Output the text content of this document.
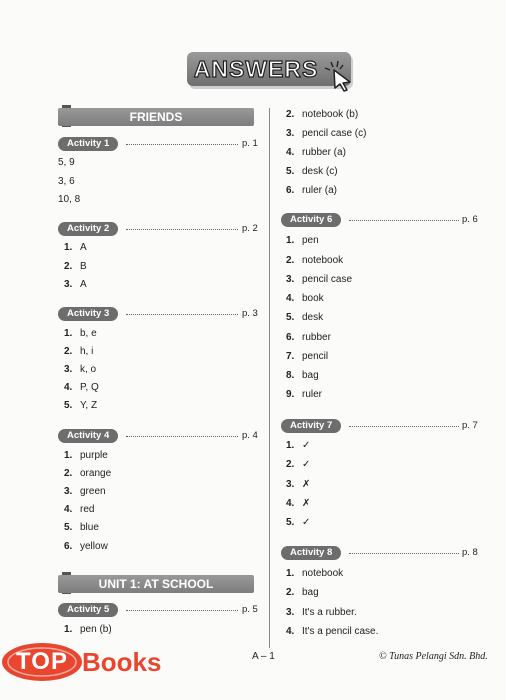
ANSWERS
FRIENDS
Activity 1	p. 1
5, 9
3, 6
10, 8
Activity 2	p. 2
1. A
2. B
3. A
Activity 3	p. 3
1. b, e
2. h, i
3. k, o
4. P, Q
5. Y, Z
Activity 4	p. 4
1. purple
2. orange
3. green
4. red
5. blue
6. yellow
UNIT 1: AT SCHOOL
Activity 5	p. 5
1. pen (b)
2. notebook (b)
3. pencil case (c)
4. rubber (a)
5. desk (c)
6. ruler (a)
Activity 6	p. 6
1. pen
2. notebook
3. pencil case
4. book
5. desk
6. rubber
7. pencil
8. bag
9. ruler
Activity 7	p. 7
1. ✓
2. ✓
3. ✗
4. ✗
5. ✓
Activity 8	p. 8
1. notebook
2. bag
3. It's a rubber.
4. It's a pencil case.
A – 1	© Tunas Pelangi Sdn. Bhd.
TOP Books
